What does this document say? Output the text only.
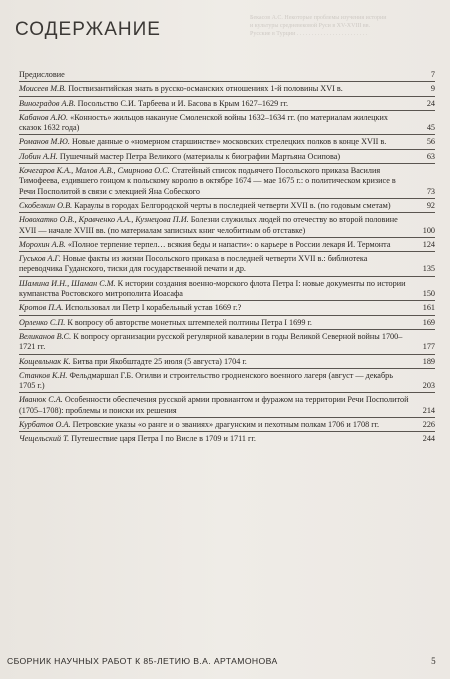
Бекасов А.С. Некоторые проблемы изучения истории
и культуры средневековой Руси в XV-XVIII вв.
Русские в Турции . . . . . . . . . . . . . . . . . . . . . . . .
СОДЕРЖАНИЕ
Предисловие	7
Моисеев М.В. Поствизантийская знать в русско-османских отношениях 1-й половины XVI в.	9
Виноградов А.В. Посольство С.И. Тарбеева и И. Басова в Крым 1627–1629 гг.	24
Кабанов А.Ю. «Конность» жильцов накануне Смоленской войны 1632–1634 гг. (по материалам жилецких сказок 1632 года)	45
Романов М.Ю. Новые данные о «номерном старшинстве» московских стрелецких полков в конце XVII в.	56
Лобин А.Н. Пушечный мастер Петра Великого (материалы к биографии Мартьяна Осипова)	63
Кочегаров К.А., Малов А.В., Смирнова О.С. Статейный список подьячего Посольского приказа Василия Тимофеева, ездившего гонцом к польскому королю в октябре 1674 — мае 1675 г.: о политическом кризисе в Речи Посполитой в связи с элекцией Яна Собеского	73
Скобелкин О.В. Караулы в городах Белгородской черты в последней четверти XVII в. (по годовым сметам)	92
Новохатко О.В., Кравченко А.А., Кузнецова П.И. Болезни служилых людей по отечеству во второй половине XVII — начале XVIII вв. (по материалам записных книг челобитным об отставке)	100
Морохин А.В. «Полное терпение терпел… всякия беды и напасти»: о карьере в России лекаря И. Термонта	124
Гуськов А.Г. Новые факты из жизни Посольского приказа в последней четверти XVII в.: библиотека переводчика Гуданского, тиски для государственной печати и др.	135
Шамина И.Н., Шаман С.М. К истории создания военно-морского флота Петра I: новые документы по истории кумпанства Ростовского митрополита Иоасафа	150
Кротов П.А. Использовал ли Петр I корабельный устав 1669 г.?	161
Орленко С.П. К вопросу об авторстве монетных штемпелей полтины Петра I 1699 г.	169
Великанов В.С. К вопросу организации русской регулярной кавалерии в годы Великой Северной войны 1700–1721 гг.	177
Кощевльнак К. Битва при Якобштадте 25 июля (5 августа) 1704 г.	189
Станков К.Н. Фельдмаршал Г.Б. Огилви и строительство гродненского военного лагеря (август — декабрь 1705 г.)	203
Иванюк С.А. Особенности обеспечения русской армии провиантом и фуражом на территории Речи Посполитой (1705–1708): проблемы и поиски их решения	214
Курбатов О.А. Петровские указы «о ранге и о званиях» драгунским и пехотным полкам 1706 и 1708 гг.	226
Чещельский Т. Путешествие царя Петра I по Висле в 1709 и 1711 гг.	244
СБОРНИК НАУЧНЫХ РАБОТ К 85-ЛЕТИЮ В.А. АРТАМОНОВА	5
